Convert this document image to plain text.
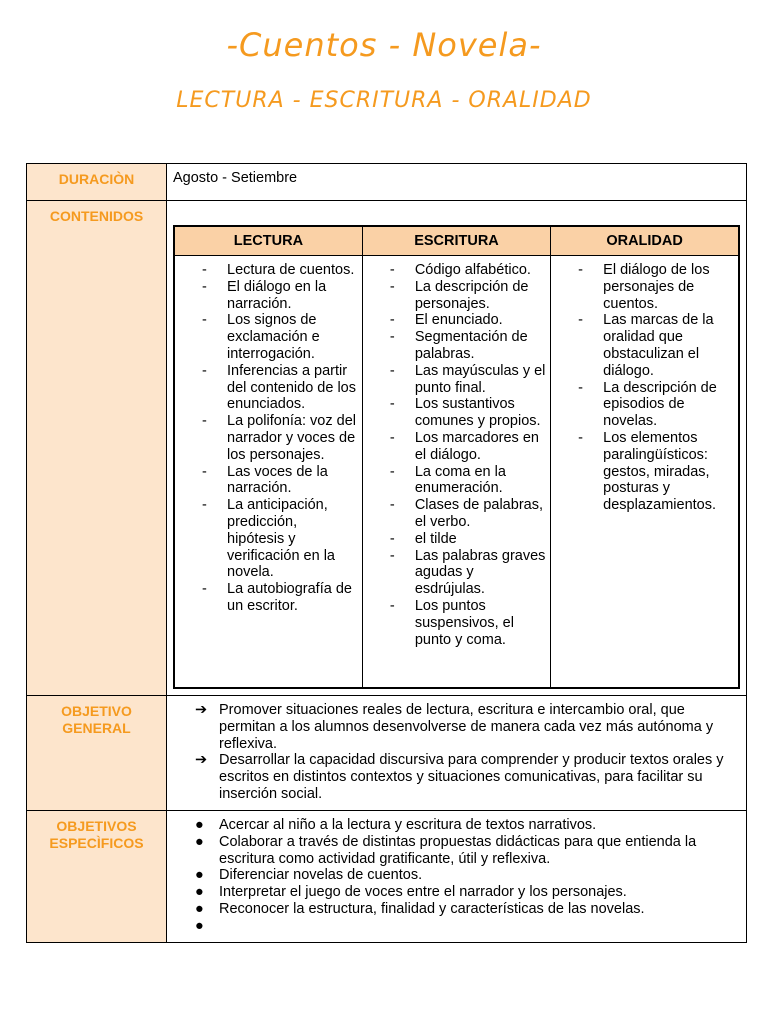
-Cuentos - Novela-
LECTURA - ESCRITURA - ORALIDAD
DURACIÒN	Agosto - Setiembre
CONTENIDOS	
LECTURA	ESCRITURA	ORALIDAD

- Lectura de cuentos.
- El diálogo en la narración.
- Los signos de exclamación e interrogación.
- Inferencias a partir del contenido de los enunciados.
- La polifonía: voz del narrador y voces de los personajes.
- Las voces de la narración.
- La anticipación, predicción, hipótesis y verificación en la novela.
- La autobiografía de un escritor.

- Código alfabético.
- La descripción de personajes.
- El enunciado.
- Segmentación de palabras.
- Las mayúsculas y el punto final.
- Los sustantivos comunes y propios.
- Los marcadores en el diálogo.
- La coma en la enumeración.
- Clases de palabras, el verbo.
- el tilde
- Las palabras graves agudas y esdrújulas.
- Los puntos suspensivos, el punto y coma.

- El diálogo de los personajes de cuentos.
- Las marcas de la oralidad que obstaculizan el diálogo.
- La descripción de episodios de novelas.
- Los elementos paralingüísticos: gestos, miradas, posturas y desplazamientos.

OBJETIVO GENERAL	
➔ Promover situaciones reales de lectura, escritura e intercambio oral, que permitan a los alumnos desenvolverse de manera cada vez más autónoma y reflexiva.
➔ Desarrollar la capacidad discursiva para comprender y producir textos orales y escritos en distintos contextos y situaciones comunicativas, para facilitar su inserción social.

OBJETIVOS ESPECÌFICOS	
● Acercar al niño a la lectura y escritura de textos narrativos.
● Colaborar a través de distintas propuestas didácticas para que entienda la escritura como actividad gratificante, útil y reflexiva.
● Diferenciar novelas de cuentos.
● Interpretar el juego de voces entre el narrador y los personajes.
● Reconocer la estructura, finalidad y características de las novelas.
●
